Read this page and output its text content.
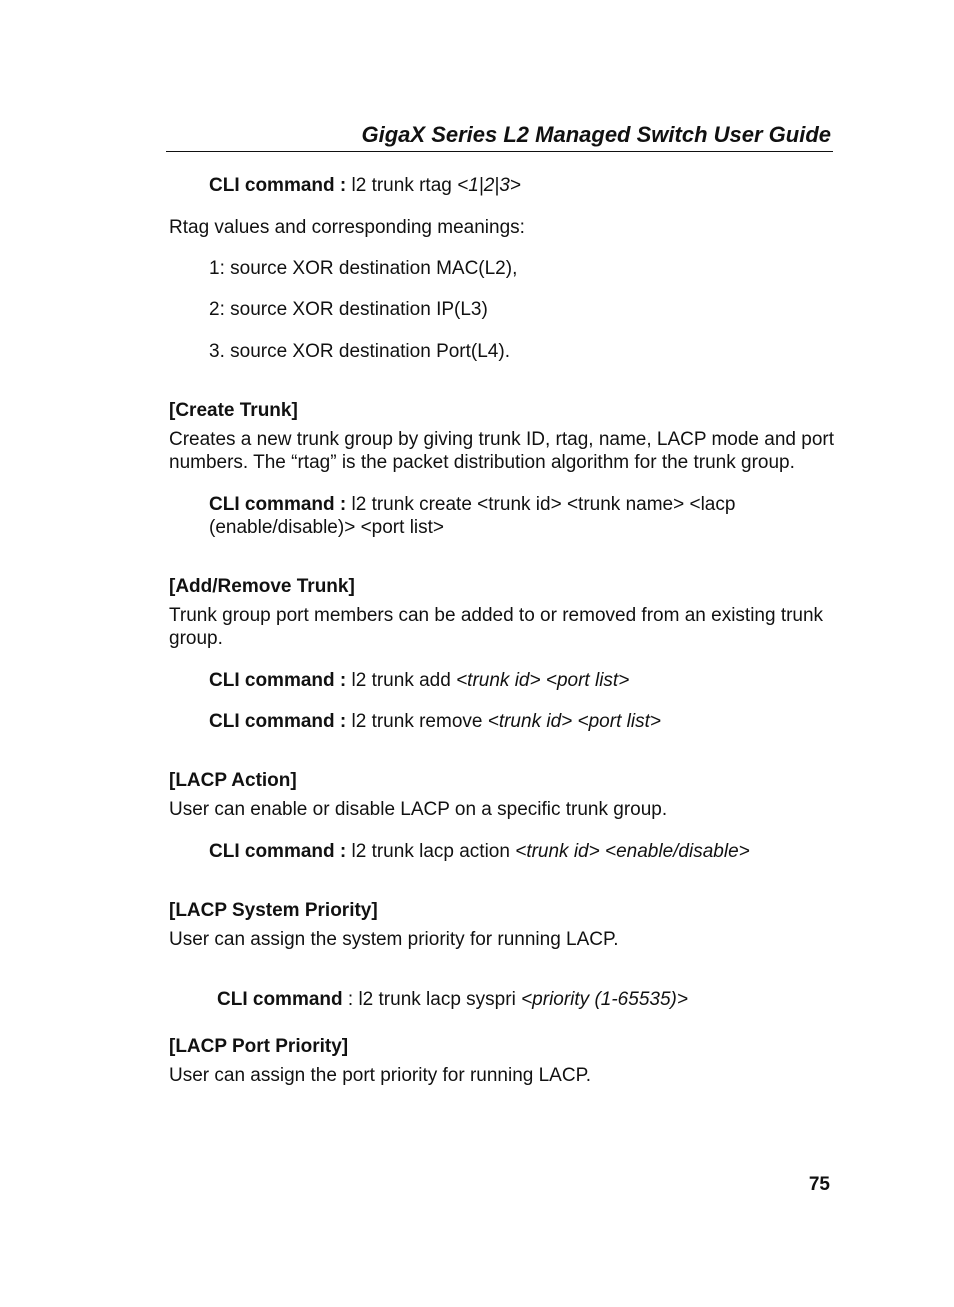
GigaX Series L2 Managed Switch User Guide

CLI command : l2 trunk rtag <1|2|3>

Rtag values and corresponding meanings:

1: source XOR destination MAC(L2),

2: source XOR destination IP(L3)

3. source XOR destination Port(L4).

[Create Trunk]

Creates a new trunk group by giving trunk ID, rtag, name, LACP mode and port numbers. The “rtag” is the packet distribution algorithm for the trunk group.

CLI command : l2 trunk create <trunk id> <trunk name> <lacp (enable/disable)> <port list>

[Add/Remove Trunk]

Trunk group port members can be added to or removed from an existing trunk group.

CLI command : l2 trunk add <trunk id> <port list>

CLI command : l2 trunk remove <trunk id> <port list>

[LACP Action]

User can enable or disable LACP on a specific trunk group.

CLI command : l2 trunk lacp action <trunk id> <enable/disable>

[LACP System Priority]

User can assign the system priority for running LACP.

CLI command : l2 trunk lacp syspri <priority (1-65535)>

[LACP Port Priority]

User can assign the port priority for running LACP.

75
